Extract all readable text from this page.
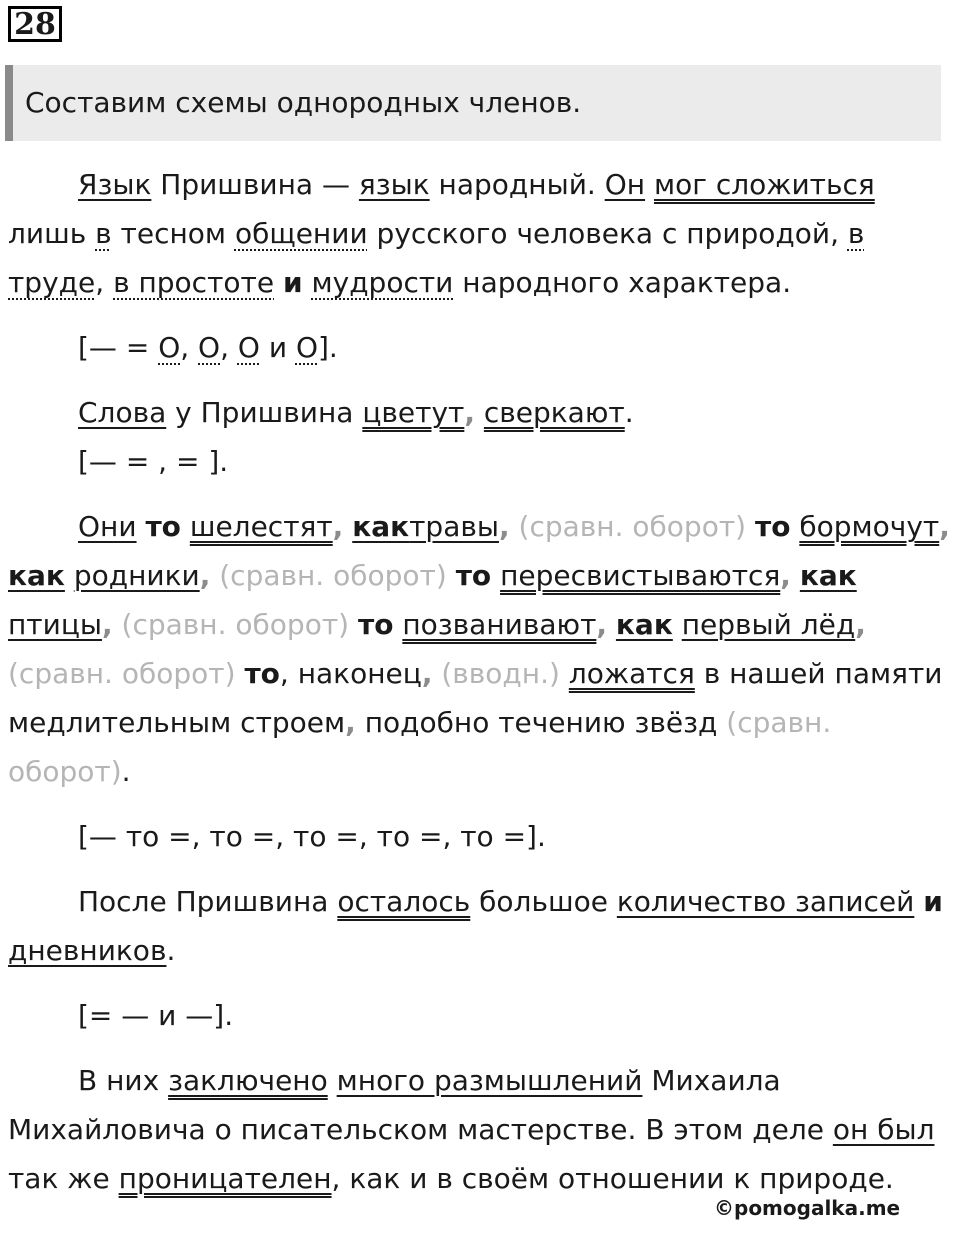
28
Составим схемы однородных членов.

Язык Пришвина — язык народный. Он мог сложиться лишь в тесном общении русского человека с природой, в труде, в простоте и мудрости народного характера.

[— = О, О, О и О].

Слова у Пришвина цветут, сверкают.

[— = , = ].

Они то шелестят, кактравы, (сравн. оборот) то бормочут, как родники, (сравн. оборот) то пересвистываются, как птицы, (сравн. оборот) то позванивают, как первый лёд, (сравн. оборот) то, наконец, (вводн.) ложатся в нашей памяти медлительным строем, подобно течению звёзд (сравн. оборот).

[— то =, то =, то =, то =, то =].

После Пришвина осталось большое количество записей и дневников.

[= — и —].

В них заключено много размышлений Михаила Михайловича о писательском мастерстве. В этом деле он был так же проницателен, как и в своём отношении к природе.

©pomogalka.me
